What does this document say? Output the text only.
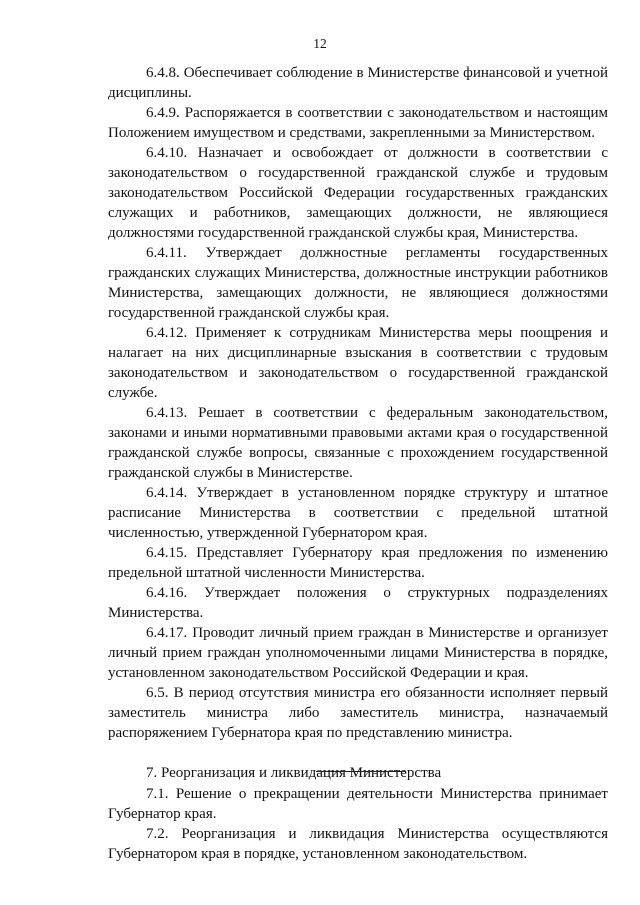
12

6.4.8. Обеспечивает соблюдение в Министерстве финансовой и учетной дисциплины.

6.4.9. Распоряжается в соответствии с законодательством и настоящим Положением имуществом и средствами, закрепленными за Министерством.

6.4.10. Назначает и освобождает от должности в соответствии с законодательством о государственной гражданской службе и трудовым законодательством Российской Федерации государственных гражданских служащих и работников, замещающих должности, не являющиеся должностями государственной гражданской службы края, Министерства.

6.4.11. Утверждает должностные регламенты государственных гражданских служащих Министерства, должностные инструкции работников Министерства, замещающих должности, не являющиеся должностями государственной гражданской службы края.

6.4.12. Применяет к сотрудникам Министерства меры поощрения и налагает на них дисциплинарные взыскания в соответствии с трудовым законодательством и законодательством о государственной гражданской службе.

6.4.13. Решает в соответствии с федеральным законодательством, законами и иными нормативными правовыми актами края о государственной гражданской службе вопросы, связанные с прохождением государственной гражданской службы в Министерстве.

6.4.14. Утверждает в установленном порядке структуру и штатное расписание Министерства в соответствии с предельной штатной численностью, утвержденной Губернатором края.

6.4.15. Представляет Губернатору края предложения по изменению предельной штатной численности Министерства.

6.4.16. Утверждает положения о структурных подразделениях Министерства.

6.4.17. Проводит личный прием граждан в Министерстве и организует личный прием граждан уполномоченными лицами Министерства в порядке, установленном законодательством Российской Федерации и края.

6.5. В период отсутствия министра его обязанности исполняет первый заместитель министра либо заместитель министра, назначаемый распоряжением Губернатора края по представлению министра.

7. Реорганизация и ликвидация Министерства

7.1. Решение о прекращении деятельности Министерства принимает Губернатор края.

7.2. Реорганизация и ликвидация Министерства осуществляются Губернатором края в порядке, установленном законодательством.
